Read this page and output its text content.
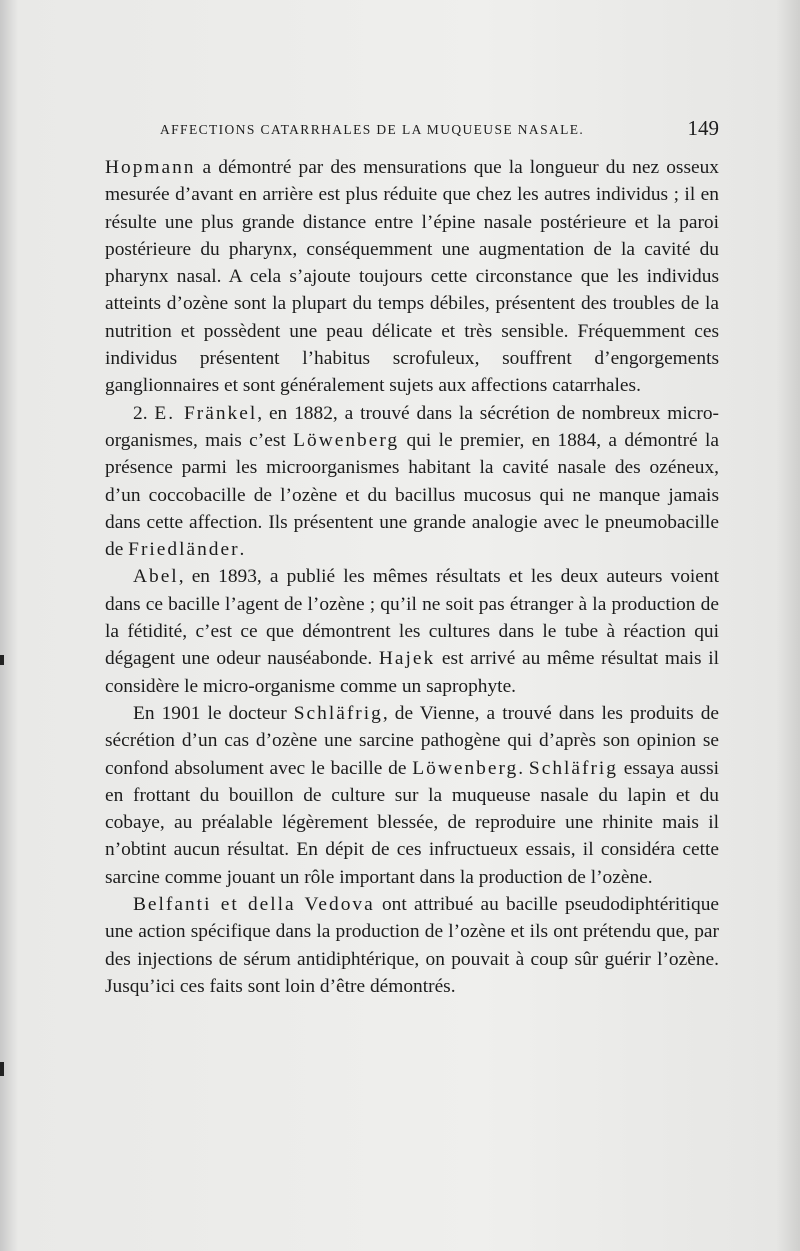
AFFECTIONS CATARRHALES DE LA MUQUEUSE NASALE.	149

Hopmann a démontré par des mensurations que la longueur du nez osseux mesurée d’avant en arrière est plus réduite que chez les autres individus ; il en résulte une plus grande distance entre l’épine nasale postérieure et la paroi postérieure du pharynx, conséquemment une augmentation de la cavité du pharynx nasal. A cela s’ajoute toujours cette circonstance que les individus atteints d’ozène sont la plupart du temps débiles, présentent des troubles de la nutrition et possèdent une peau délicate et très sensible. Fréquemment ces individus présentent l’habitus scrofuleux, souffrent d’engorgements ganglionnaires et sont généralement sujets aux affections catarrhales.

2. E. Fränkel, en 1882, a trouvé dans la sécrétion de nombreux micro-organismes, mais c’est Löwenberg qui le premier, en 1884, a démontré la présence parmi les microorganismes habitant la cavité nasale des ozéneux, d’un coccobacille de l’ozène et du bacillus mucosus qui ne manque jamais dans cette affection. Ils présentent une grande analogie avec le pneumobacille de Friedländer.

Abel, en 1893, a publié les mêmes résultats et les deux auteurs voient dans ce bacille l’agent de l’ozène ; qu’il ne soit pas étranger à la production de la fétidité, c’est ce que démontrent les cultures dans le tube à réaction qui dégagent une odeur nauséabonde. Hajek est arrivé au même résultat mais il considère le micro-organisme comme un saprophyte.

En 1901 le docteur Schläfrig, de Vienne, a trouvé dans les produits de sécrétion d’un cas d’ozène une sarcine pathogène qui d’après son opinion se confond absolument avec le bacille de Löwenberg. Schläfrig essaya aussi en frottant du bouillon de culture sur la muqueuse nasale du lapin et du cobaye, au préalable légèrement blessée, de reproduire une rhinite mais il n’obtint aucun résultat. En dépit de ces infructueux essais, il considéra cette sarcine comme jouant un rôle important dans la production de l’ozène.

Belfanti et della Vedova ont attribué au bacille pseudodiphtéritique une action spécifique dans la production de l’ozène et ils ont prétendu que, par des injections de sérum antidiphtérique, on pouvait à coup sûr guérir l’ozène. Jusqu’ici ces faits sont loin d’être démontrés.
